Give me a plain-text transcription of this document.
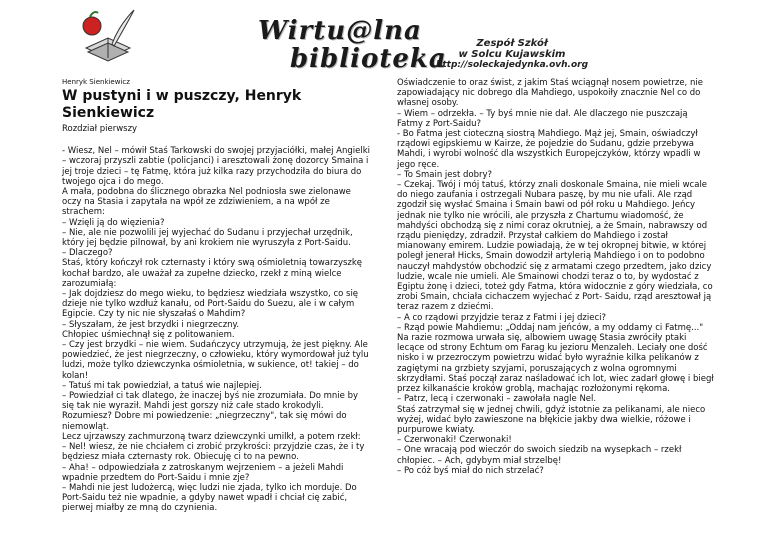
Wirtu@lna
biblioteka
Zespół Szkół
w Solcu Kujawskim
http://soleckajedynka.ovh.org

Henryk Sienkiewicz

W pustyni i w puszczy, Henryk Sienkiewicz

Rozdział pierwszy

- Wiesz, Nel – mówił Staś Tarkowski do swojej przyjaciółki, małej Angielki – wczoraj przyszli zabtie (policjanci) i aresztowali żonę dozorcy Smaina i jej troje dzieci – tę Fatmę, która już kilka razy przychodziła do biura do twojego ojca i do mego.

A mała, podobna do ślicznego obrazka Nel podniosła swe zielonawe oczy na Stasia i zapytała na wpół ze zdziwieniem, a na wpół ze strachem:

– Wzięli ją do więzienia?

– Nie, ale nie pozwolili jej wyjechać do Sudanu i przyjechał urzędnik, który jej będzie pilnował, by ani krokiem nie wyruszyła z Port-Saidu.

– Dlaczego?

Staś, który kończył rok czternasty i który swą ośmioletnią towarzyszkę kochał bardzo, ale uważał za zupełne dziecko, rzekł z miną wielce zarozumiałą:

– Jak dojdziesz do mego wieku, to będziesz wiedziała wszystko, co się dzieje nie tylko wzdłuż kanału, od Port-Saidu do Suezu, ale i w całym Egipcie. Czy ty nic nie słyszałaś o Mahdim?

– Słyszałam, że jest brzydki i niegrzeczny.

Chłopiec uśmiechnął się z politowaniem.

– Czy jest brzydki – nie wiem. Sudańczycy utrzymują, że jest piękny. Ale powiedzieć, że jest niegrzeczny, o człowieku, który wymordował już tylu ludzi, może tylko dziewczynka ośmioletnia, w sukience, ot! takiej – do kolan!

– Tatuś mi tak powiedział, a tatuś wie najlepiej.

– Powiedział ci tak dlatego, że inaczej byś nie zrozumiała. Do mnie by się tak nie wyraził. Mahdi jest gorszy niż całe stado krokodyli. Rozumiesz? Dobre mi powiedzenie: „niegrzeczny", tak się mówi do niemowląt.

Lecz ujrzawszy zachmurzoną twarz dziewczynki umilkł, a potem rzekł:

– Nel! wiesz, że nie chciałem ci zrobić przykrości: przyjdzie czas, że i ty będziesz miała czternasty rok. Obiecuję ci to na pewno.

– Aha! – odpowiedziała z zatroskanym wejrzeniem – a jeżeli Mahdi wpadnie przedtem do Port-Saidu i mnie zje?

– Mahdi nie jest ludożercą, więc ludzi nie zjada, tylko ich morduje. Do Port-Saidu też nie wpadnie, a gdyby nawet wpadł i chciał cię zabić, pierwej miałby ze mną do czynienia.

Oświadczenie to oraz świst, z jakim Staś wciągnął nosem powietrze, nie zapowiadający nic dobrego dla Mahdiego, uspokoiły znacznie Nel co do własnej osoby.

– Wiem – odrzekła. – Ty byś mnie nie dał. Ale dlaczego nie puszczają Fatmy z Port-Saidu?

- Bo Fatma jest cioteczną siostrą Mahdiego. Mąż jej, Smain, oświadczył rządowi egipskiemu w Kairze, że pojedzie do Sudanu, gdzie przebywa Mahdi, i wyrobi wolność dla wszystkich Europejczyków, którzy wpadli w jego ręce.

– To Smain jest dobry?

– Czekaj. Twój i mój tatuś, którzy znali doskonale Smaina, nie mieli wcale do niego zaufania i ostrzegali Nubara paszę, by mu nie ufali. Ale rząd zgodził się wysłać Smaina i Smain bawi od pół roku u Mahdiego. Jeńcy jednak nie tylko nie wrócili, ale przyszła z Chartumu wiadomość, że mahdyści obchodzą się z nimi coraz okrutniej, a że Smain, nabrawszy od rządu pieniędzy, zdradził. Przystał całkiem do Mahdiego i został mianowany emirem. Ludzie powiadają, że w tej okropnej bitwie, w której poległ jenerał Hicks, Smain dowodził artylerią Mahdiego i on to podobno nauczył mahdystów obchodzić się z armatami czego przedtem, jako dzicy ludzie, wcale nie umieli. Ale Smainowi chodzi teraz o to, by wydostać z Egiptu żonę i dzieci, toteż gdy Fatma, która widocznie z góry wiedziała, co zrobi Smain, chciała cichaczem wyjechać z Port- Saidu, rząd aresztował ją teraz razem z dziećmi.

– A co rządowi przyjdzie teraz z Fatmi i jej dzieci?

– Rząd powie Mahdiemu: „Oddaj nam jeńców, a my oddamy ci Fatmę..."

Na razie rozmowa urwała się, albowiem uwagę Stasia zwróciły ptaki lecące od strony Echtum om Farag ku jezioru Menzaleh. Leciały one dość nisko i w przezroczym powietrzu widać było wyraźnie kilka pelikanów z zagiętymi na grzbiety szyjami, poruszających z wolna ogromnymi skrzydłami. Staś począł zaraz naśladować ich lot, wiec zadarł głowę i biegł przez kilkanaście kroków groblą, machając rozłożonymi rękoma.

– Patrz, lecą i czerwonaki – zawołała nagle Nel.

Staś zatrzymał się w jednej chwili, gdyż istotnie za pelikanami, ale nieco wyżej, widać było zawieszone na błękicie jakby dwa wielkie, różowe i purpurowe kwiaty.

– Czerwonaki! Czerwonaki!

– One wracają pod wieczór do swoich siedzib na wysepkach – rzekł chłopiec. – Ach, gdybym miał strzelbę!

– Po cóż byś miał do nich strzelać?
